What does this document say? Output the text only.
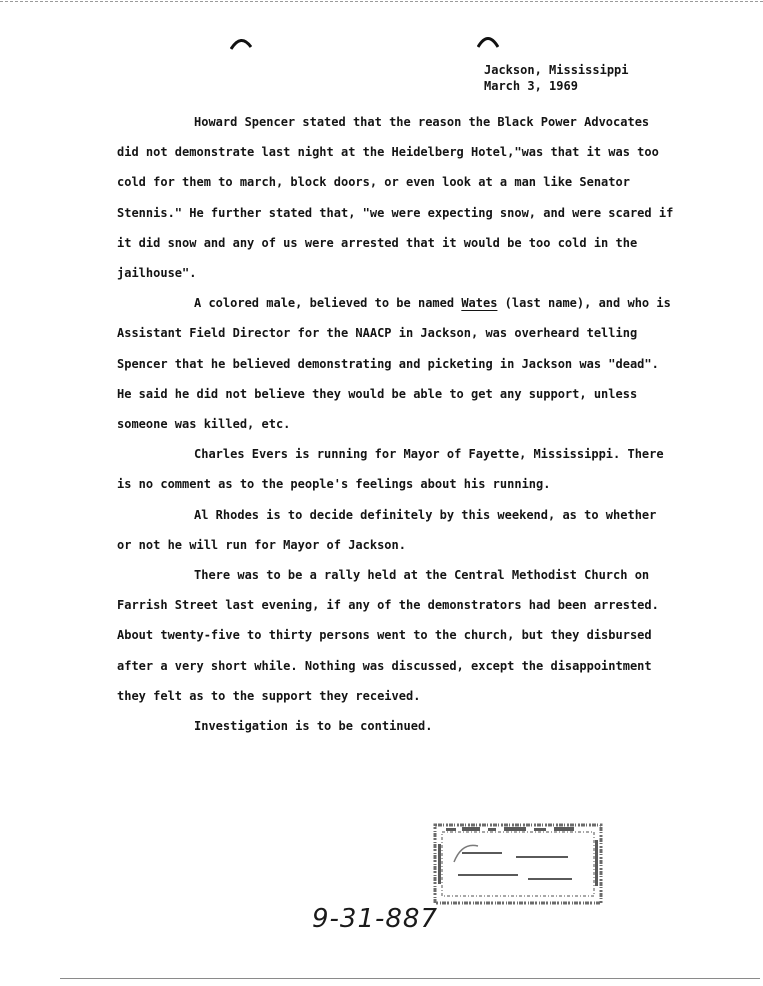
Jackson, Mississippi
March 3, 1969

Howard Spencer stated that the reason the Black Power Advocates did not demonstrate last night at the Heidelberg Hotel,"was that it was too cold for them to march, block doors, or even look at a man like Senator Stennis." He further stated that, "we were expecting snow, and were scared if it did snow and any of us were arrested that it would be too cold in the jailhouse".

A colored male, believed to be named Wates (last name), and who is Assistant Field Director for the NAACP in Jackson, was overheard telling Spencer that he believed demonstrating and picketing in Jackson was "dead". He said he did not believe they would be able to get any support, unless someone was killed, etc.

Charles Evers is running for Mayor of Fayette, Mississippi. There is no comment as to the people's feelings about his running.

Al Rhodes is to decide definitely by this weekend, as to whether or not he will run for Mayor of Jackson.

There was to be a rally held at the Central Methodist Church on Farrish Street last evening, if any of the demonstrators had been arrested. About twenty-five to thirty persons went to the church, but they disbursed after a very short while. Nothing was discussed, except the disappointment they felt as to the support they received.

Investigation is to be continued.

9-31-887
